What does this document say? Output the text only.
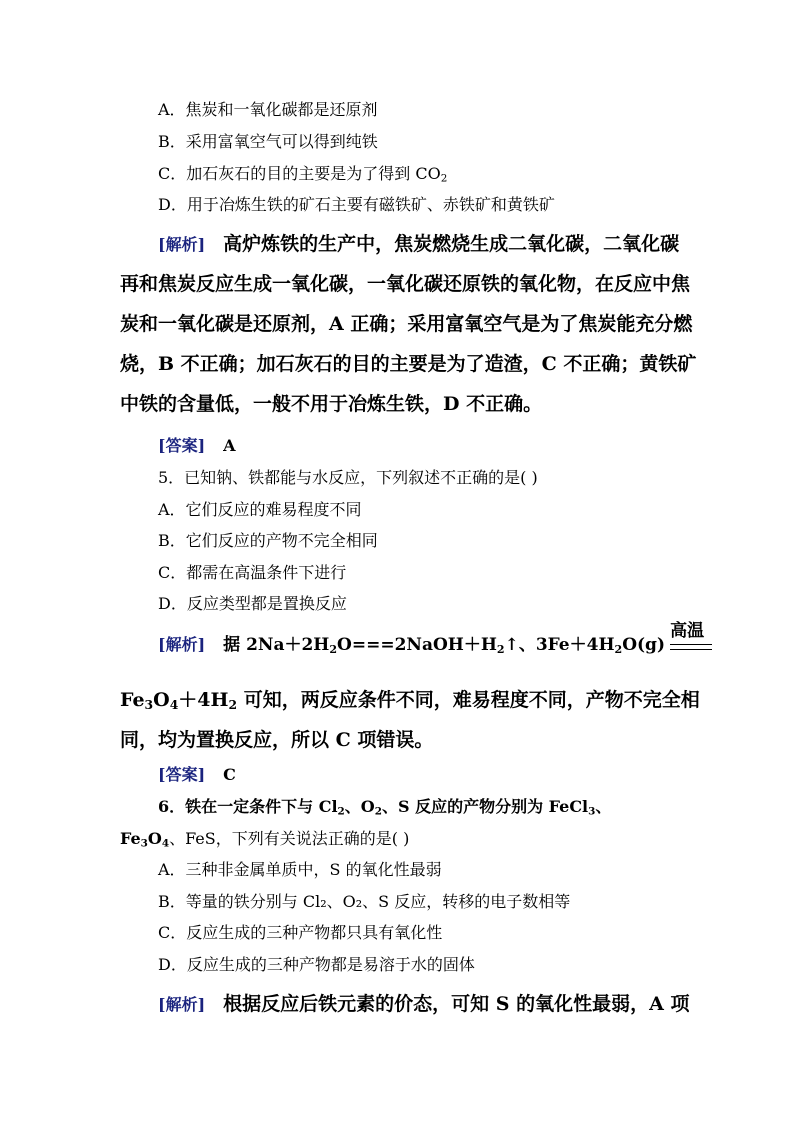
A．焦炭和一氧化碳都是还原剂
B．采用富氧空气可以得到纯铁
C．加石灰石的目的主要是为了得到 $CO_2$
D．用于冶炼生铁的矿石主要有磁铁矿、赤铁矿和黄铁矿
[解析] 高炉炼铁的生产中，焦炭燃烧生成二氧化碳，二氧化碳
再和焦炭反应生成一氧化碳，一氧化碳还原铁的氧化物，在反应中焦
炭和一氧化碳是还原剂，A 正确；采用富氧空气是为了焦炭能充分燃
烧，B 不正确；加石灰石的目的主要是为了造渣，C 不正确；黄铁矿
中铁的含量低，一般不用于冶炼生铁，D 不正确。
[答案] A
5．已知钠、铁都能与水反应，下列叙述不正确的是( )
A．它们反应的难易程度不同
B．它们反应的产物不完全相同
C．都需在高温条件下进行
D．反应类型都是置换反应
[解析] 据 $2Na+2H_2O===2NaOH+H_2↑$、$3Fe+4H_2O(g)$
高温
$Fe_3O_4+4H_2$ 可知，两反应条件不同，难易程度不同，产物不完全相
同，均为置换反应，所以 C 项错误。
[答案] C
6．铁在一定条件下与 $Cl_2$、$O_2$、S 反应的产物分别为 FeCl$_3$、
$Fe_3O_4$、FeS，下列有关说法正确的是( )
A．三种非金属单质中，S 的氧化性最弱
B．等量的铁分别与 Cl₂、O₂、S 反应，转移的电子数相等
C．反应生成的三种产物都只具有氧化性
D．反应生成的三种产物都是易溶于水的固体
[解析] 根据反应后铁元素的价态，可知 S 的氧化性最弱，A 项
